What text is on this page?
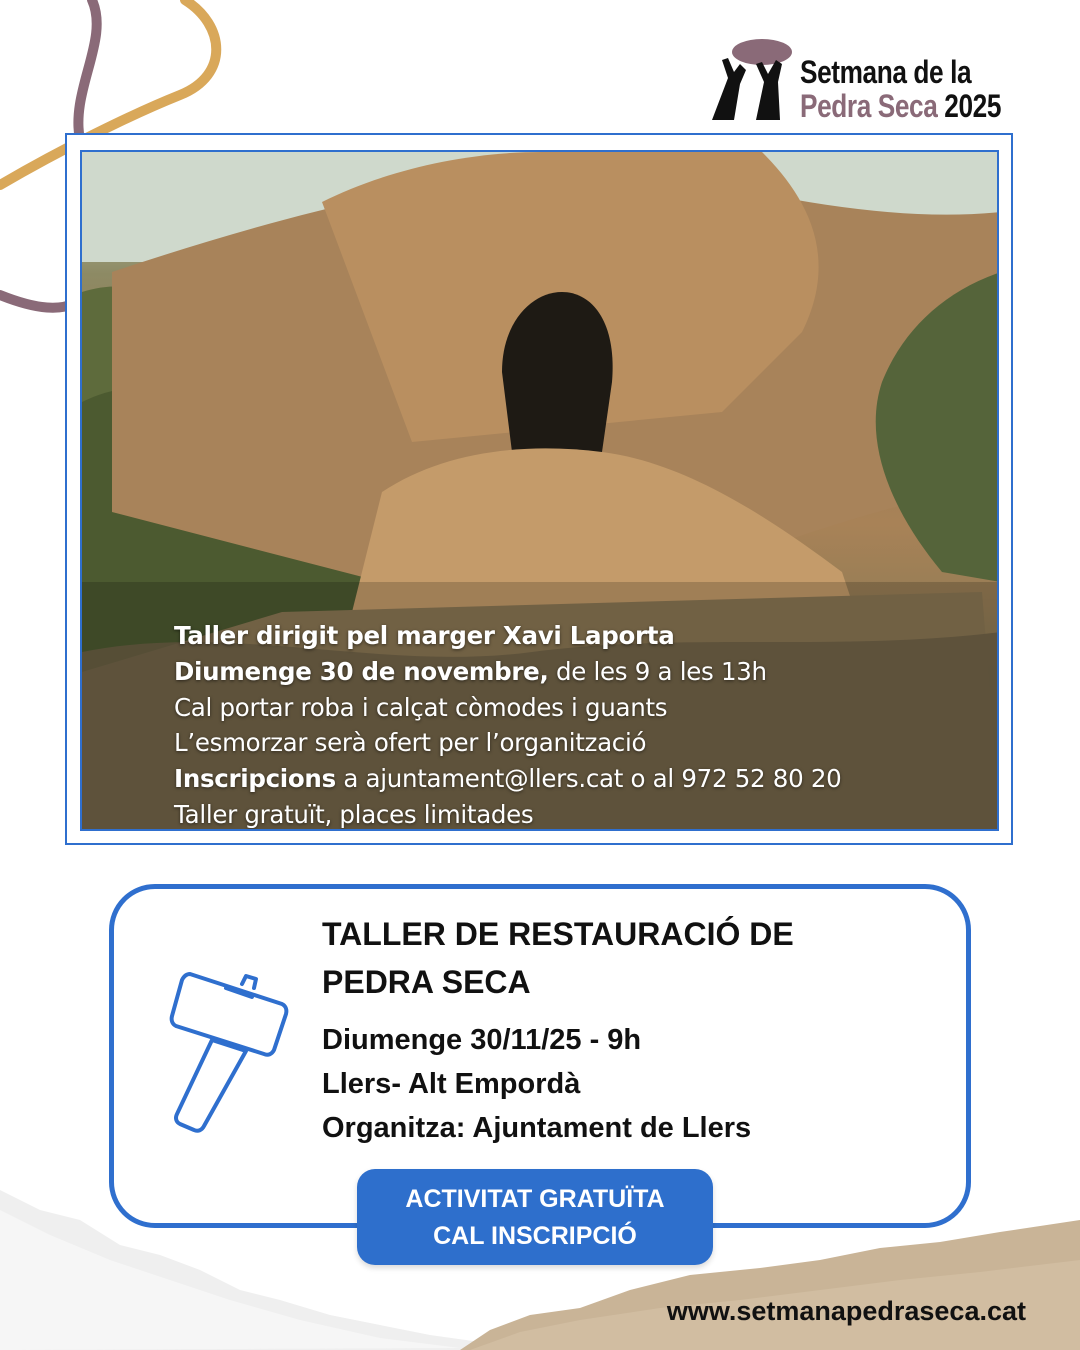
Setmana de la
Pedra Seca 2025
Taller dirigit pel marger Xavi Laporta
Diumenge 30 de novembre, de les 9 a les 13h
Cal portar roba i calçat còmodes i guants
L’esmorzar serà ofert per l’organització
Inscripcions a ajuntament@llers.cat o al 972 52 80 20
Taller gratuït, places limitades
TALLER DE RESTAURACIÓ DE
PEDRA SECA
Diumenge 30/11/25 - 9h
Llers- Alt Empordà
Organitza: Ajuntament de Llers
ACTIVITAT GRATUÏTA
CAL INSCRIPCIÓ
www.setmanapedraseca.cat
